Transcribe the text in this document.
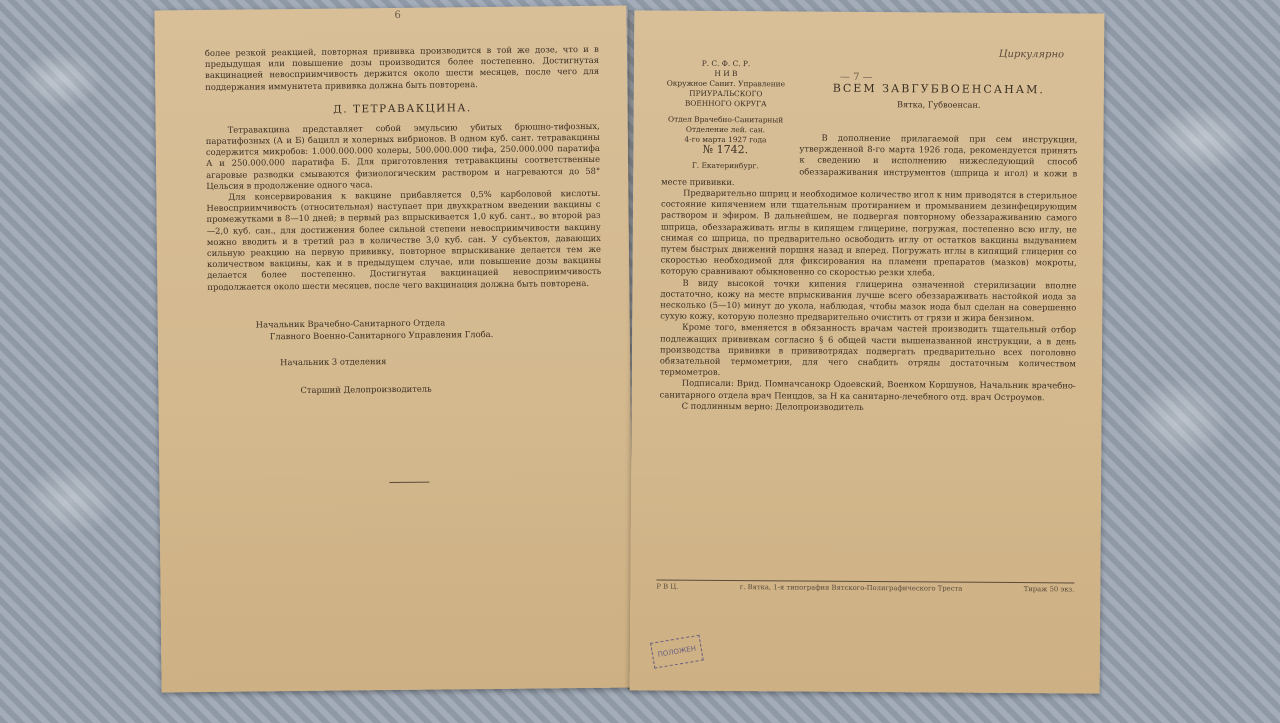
6

более резкой реакцией, повторная прививка производится в той же дозе, что и в предыдущая или повышение дозы производится более постепенно. Достигнутая вакцинацией невосприимчивость держится около шести месяцев, после чего для поддержания иммунитета прививка должна быть повторена.

Д. ТЕТРАВАКЦИНА.

Тетравакцина представляет собой эмульсию убитых брюшно-тифозных, паратифозных (А и Б) бацилл и холерных вибрионов. В одном куб. сант. тетравакцины содержится микробов: 1.000.000.000 холеры, 500.000.000 тифа, 250.000.000 паратифа А и 250.000.000 паратифа Б. Для приготовления тетравакцины соответственные агаровые разводки смываются физиологическим раствором и нагреваются до 58° Цельсия в продолжение одного часа.

Для консервирования к вакцине прибавляется 0,5% карболовой кислоты. Невосприимчивость (относительная) наступает при двухкратном введении вакцины с промежутками в 8—10 дней; в первый раз впрыскивается 1,0 куб. сант., во второй раз—2,0 куб. сан., для достижения более сильной степени невосприимчивости вакцину можно вводить и в третий раз в количестве 3,0 куб. сан. У субъектов, давающих сильную реакцию на первую прививку, повторное впрыскивание делается тем же количеством вакцины, как и в предыдущем случае, или повышение дозы вакцины делается более постепенно. Достигнутая вакцинацией невосприимчивость продолжается около шести месяцев, после чего вакцинация должна быть повторена.

Начальник Врачебно-Санитарного Отдела
Главного Военно-Санитарного Управления Глоба.
Начальник 3 отделения
Старший Делопроизводитель
— 7 —
Циркулярно
Р. С. Ф. С. Р.
Н И В
Окружное Санит. Управление
ПРИУРАЛЬСКОГО
ВОЕННОГО ОКРУГА
Отдел Врачебно-Санитарный
Отделение лей. сан.
4-го марта 1927 года
№ 1742.
Г. Екатеринбург.
ВСЕМ ЗАВГУБВОЕНСАНАМ.
Вятка, Губвоенсан.

В дополнение прилагаемой при сем инструкции, утвержденной 8-го марта 1926 года, рекомендуется принять к сведению и исполнению нижеследующий способ обеззараживания инструментов (шприца и игол) и кожи в месте прививки.

Предварительно шприц и необходимое количество игол к ним приводятся в стерильное состояние кипячением или тщательным протиранием и промыванием дезинфецирующим раствором и эфиром. В дальнейшем, не подвергая повторному обеззараживанию самого шприца, обеззараживать иглы в кипящем глицерине, погружая, постепенно всю иглу, не снимая со шприца, по предварительно освободить иглу от остатков вакцины выдуванием путем быстрых движений поршня назад и вперед. Погружать иглы в кипящий глицерин со скоростью необходимой для фиксирования на пламени препаратов (мазков) мокроты, которую сравнивают обыкновенно со скоростью резки хлеба.

В виду высокой точки кипения глицерина означенной стерилизации вполне достаточно, кожу на месте впрыскивания лучше всего обеззараживать настойкой иода за несколько (5—10) минут до укола, наблюдая, чтобы мазок иода был сделан на совершенно сухую кожу, которую полезно предварительно очистить от грязи и жира бензином.

Кроме того, вменяется в обязанность врачам частей производить тщательный отбор подлежащих прививкам согласно § 6 общей части вышеназванной инструкции, а в день производства прививки в прививотрядах подвергать предварительно всех поголовно обязательной термометрии, для чего снабдить отряды достаточным количеством термометров.

Подписали: Врид. Помначсанокр Одоевский, Военком Коршунов, Начальник врачебно-санитарного отдела врач Пеицдов, за Н ка санитарно-лечебного отд. врач Остроумов.

С подлинным верно: Делопроизводитель

Р В Ц.	г. Вятка, 1-я типография Вятского-Полиграфического Треста	Тираж 50 экз.
ПОЛОЖЕН
